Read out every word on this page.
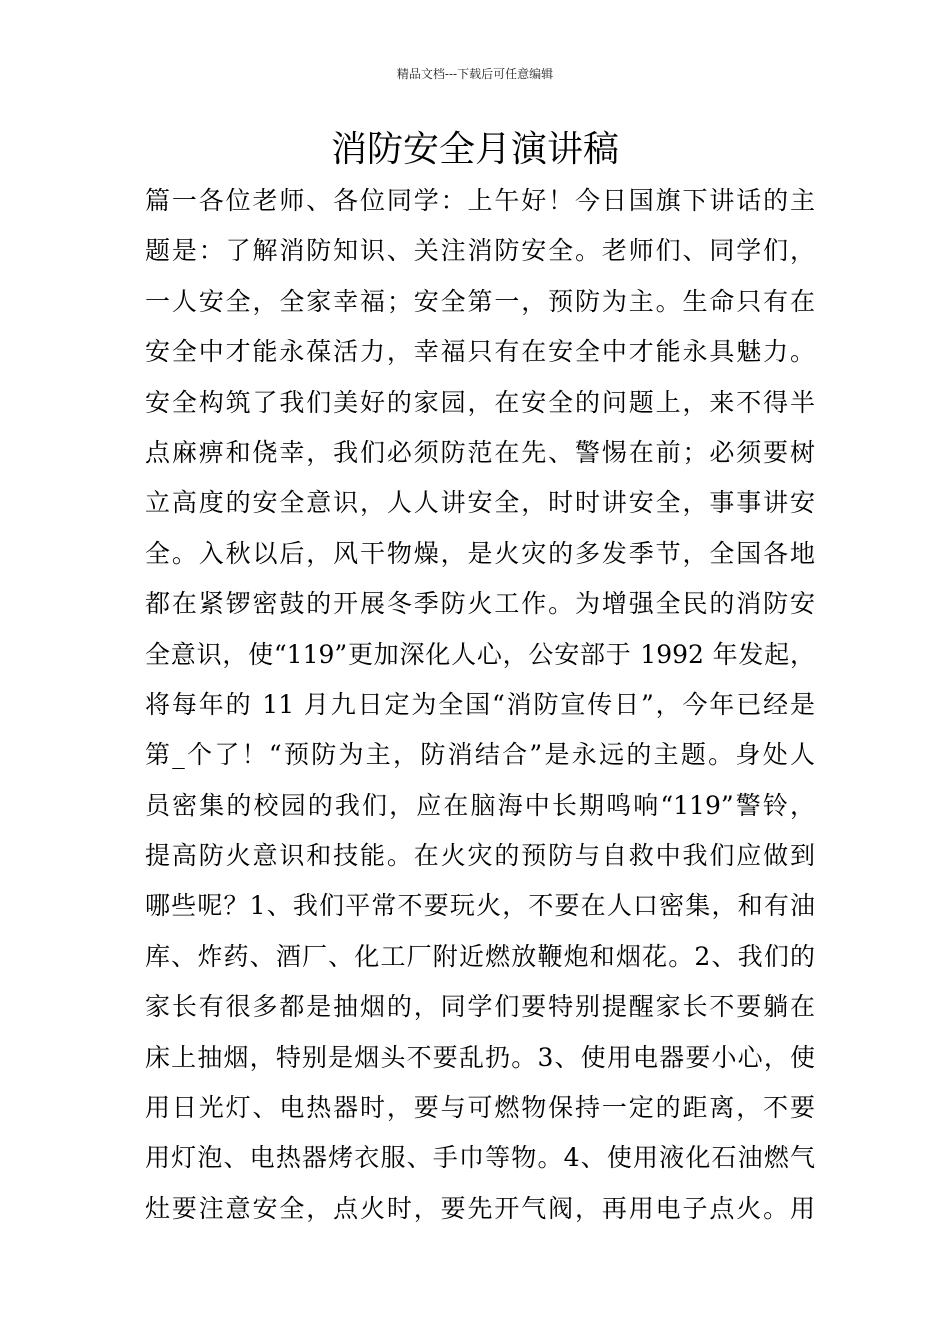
精品文档---下载后可任意编辑
消防安全月演讲稿
篇一各位老师、各位同学：上午好！今日国旗下讲话的主
题是：了解消防知识、关注消防安全。老师们、同学们，
一人安全，全家幸福；安全第一，预防为主。生命只有在
安全中才能永葆活力，幸福只有在安全中才能永具魅力。
安全构筑了我们美好的家园，在安全的问题上，来不得半
点麻痹和侥幸，我们必须防范在先、警惕在前；必须要树
立高度的安全意识，人人讲安全，时时讲安全，事事讲安
全。入秋以后，风干物燥，是火灾的多发季节，全国各地
都在紧锣密鼓的开展冬季防火工作。为增强全民的消防安
全意识，使“119”更加深化人心，公安部于 1992 年发起，
将每年的 11 月九日定为全国“消防宣传日”，今年已经是
第_个了！“预防为主，防消结合”是永远的主题。身处人
员密集的校园的我们，应在脑海中长期鸣响“119”警铃，
提高防火意识和技能。在火灾的预防与自救中我们应做到
哪些呢？1、我们平常不要玩火，不要在人口密集，和有油
库、炸药、酒厂、化工厂附近燃放鞭炮和烟花。2、我们的
家长有很多都是抽烟的，同学们要特别提醒家长不要躺在
床上抽烟，特别是烟头不要乱扔。3、使用电器要小心，使
用日光灯、电热器时，要与可燃物保持一定的距离，不要
用灯泡、电热器烤衣服、手巾等物。4、使用液化石油燃气
灶要注意安全，点火时，要先开气阀，再用电子点火。用
